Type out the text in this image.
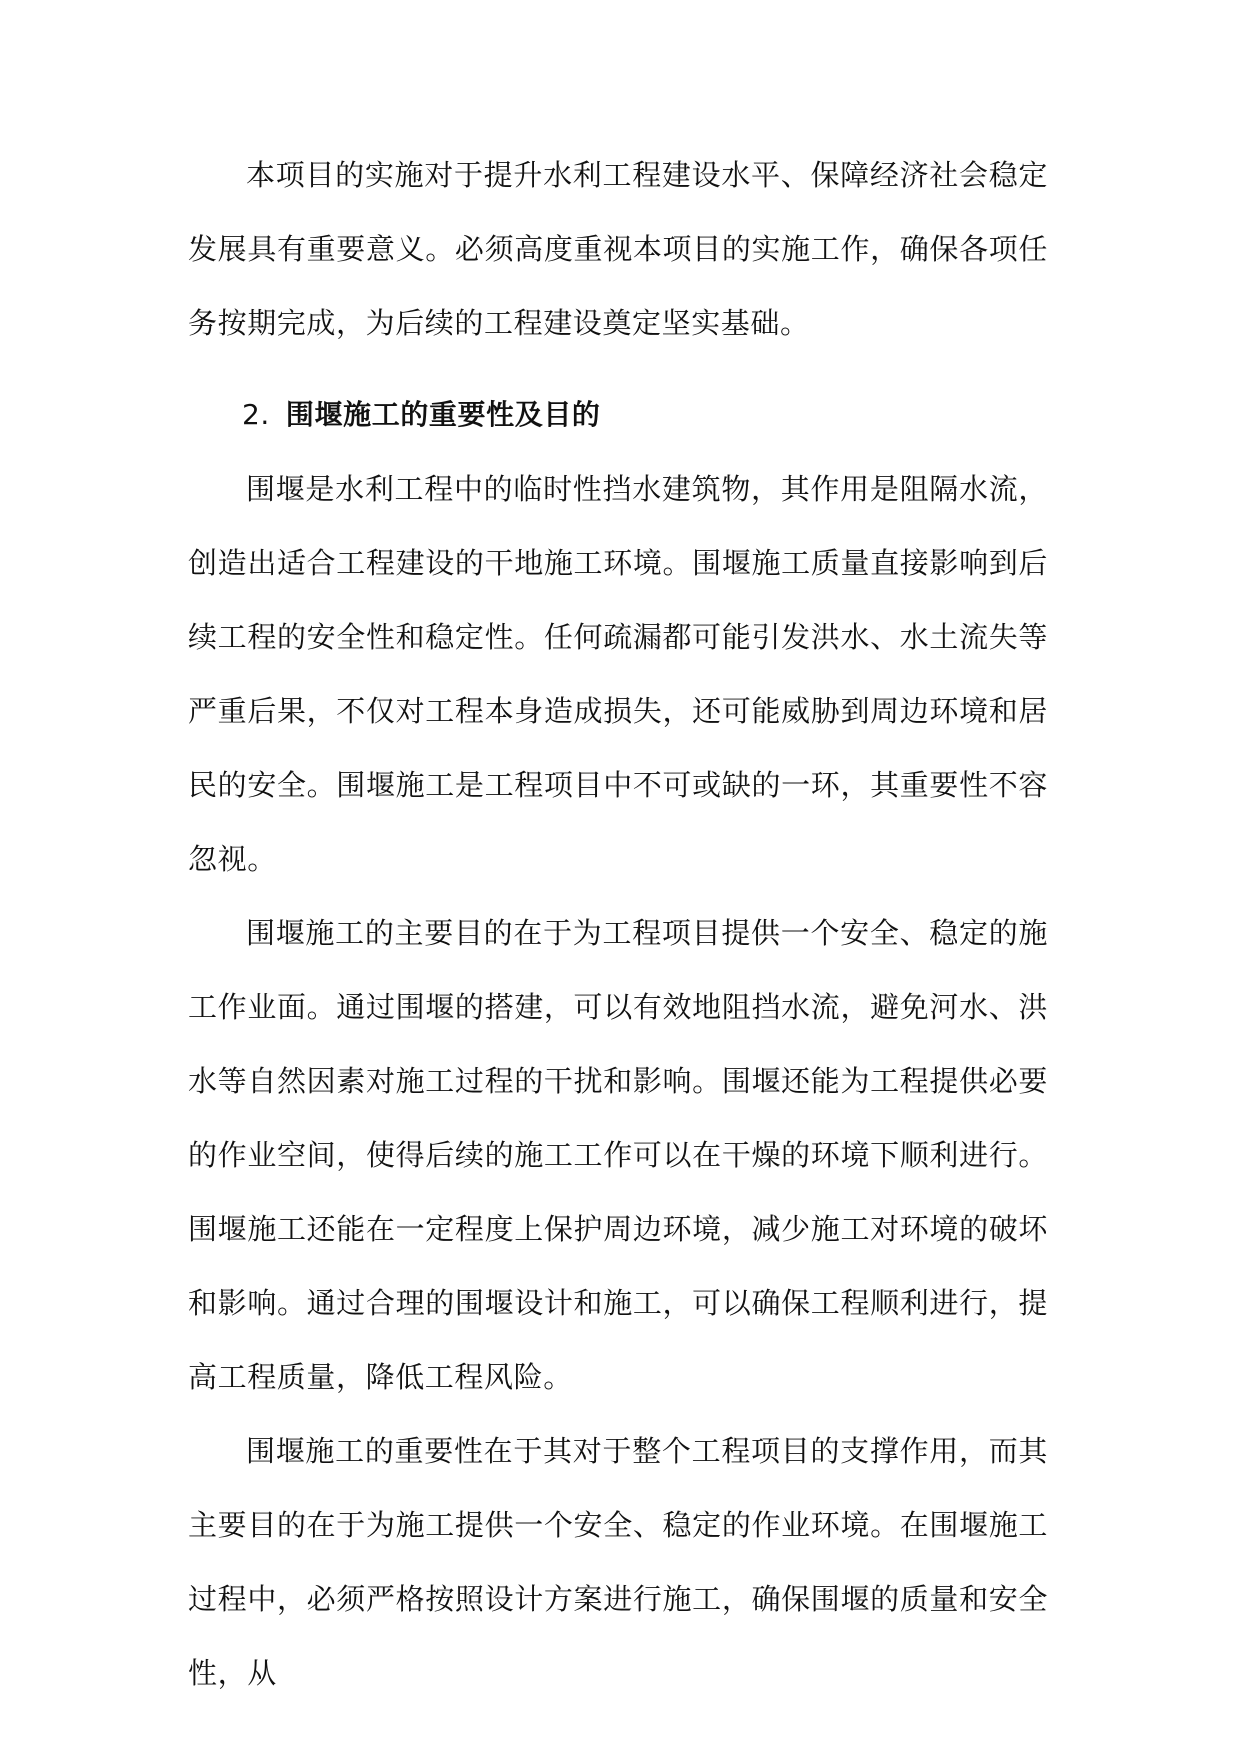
本项目的实施对于提升水利工程建设水平、保障经济社会稳定发展具有重要意义。必须高度重视本项目的实施工作，确保各项任务按期完成，为后续的工程建设奠定坚实基础。

2. 围堰施工的重要性及目的

围堰是水利工程中的临时性挡水建筑物，其作用是阻隔水流，创造出适合工程建设的干地施工环境。围堰施工质量直接影响到后续工程的安全性和稳定性。任何疏漏都可能引发洪水、水土流失等严重后果，不仅对工程本身造成损失，还可能威胁到周边环境和居民的安全。围堰施工是工程项目中不可或缺的一环，其重要性不容忽视。

围堰施工的主要目的在于为工程项目提供一个安全、稳定的施工作业面。通过围堰的搭建，可以有效地阻挡水流，避免河水、洪水等自然因素对施工过程的干扰和影响。围堰还能为工程提供必要的作业空间，使得后续的施工工作可以在干燥的环境下顺利进行。围堰施工还能在一定程度上保护周边环境，减少施工对环境的破坏和影响。通过合理的围堰设计和施工，可以确保工程顺利进行，提高工程质量，降低工程风险。

围堰施工的重要性在于其对于整个工程项目的支撑作用，而其主要目的在于为施工提供一个安全、稳定的作业环境。在围堰施工过程中，必须严格按照设计方案进行施工，确保围堰的质量和安全性，从
